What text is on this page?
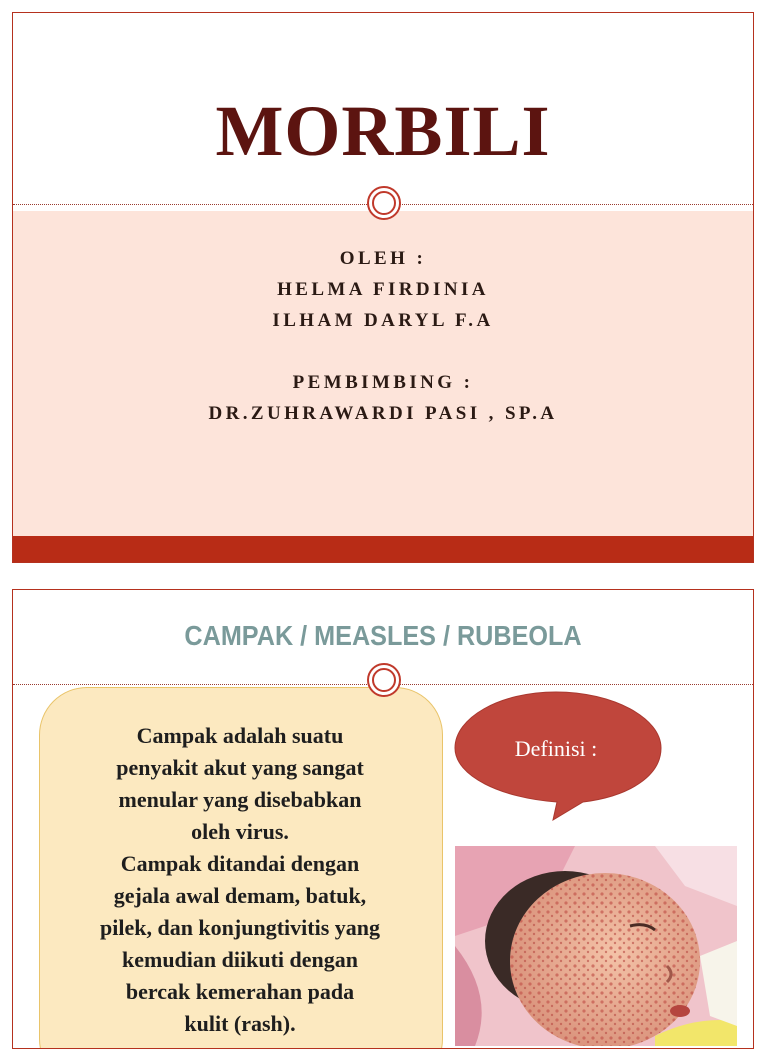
MORBILI
OLEH :
HELMA FIRDINIA
ILHAM DARYL F.A
PEMBIMBING :
DR.ZUHRAWARDI PASI , SP.A
CAMPAK / MEASLES / RUBEOLA
Campak adalah suatu
penyakit akut yang sangat
menular yang disebabkan
oleh virus.
Campak ditandai dengan
gejala awal demam, batuk,
pilek, dan konjungtivitis yang
kemudian diikuti dengan
bercak kemerahan pada
kulit (rash).
Definisi :
